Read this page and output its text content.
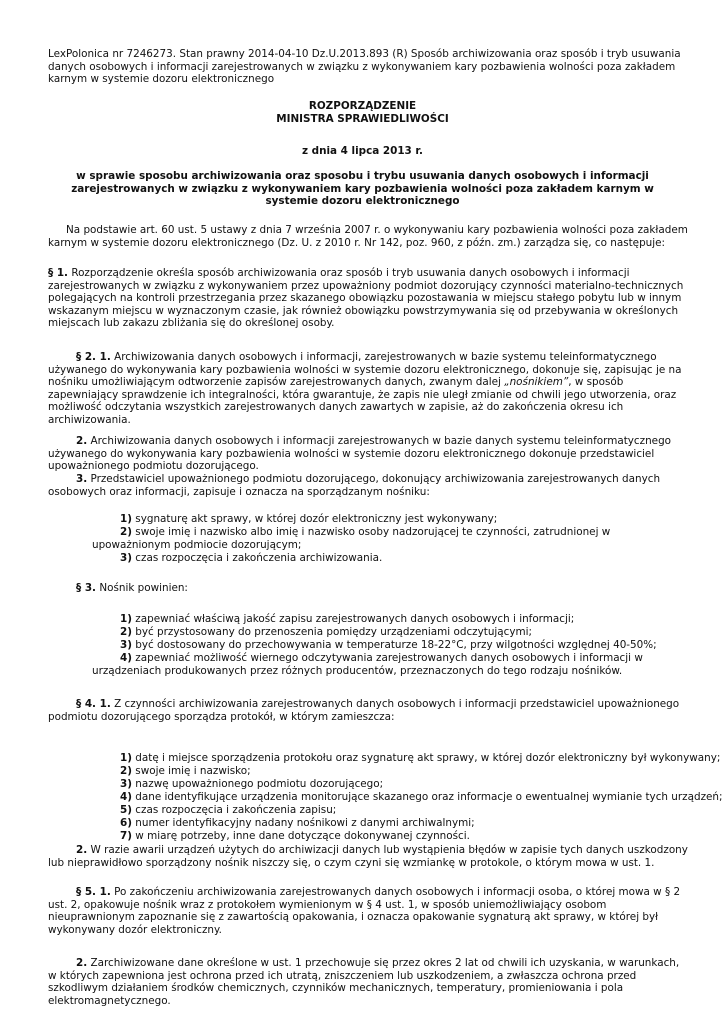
LexPolonica nr 7246273. Stan prawny 2014-04-10 Dz.U.2013.893 (R) Sposób archiwizowania oraz sposób i tryb usuwania danych osobowych i informacji zarejestrowanych w związku z wykonywaniem kary pozbawienia wolności poza zakładem karnym w systemie dozoru elektronicznego

ROZPORZĄDZENIE

MINISTRA SPRAWIEDLIWOŚCI

z dnia 4 lipca 2013 r.

w sprawie sposobu archiwizowania oraz sposobu i trybu usuwania danych osobowych i informacji zarejestrowanych w związku z wykonywaniem kary pozbawienia wolności poza zakładem karnym w systemie dozoru elektronicznego

Na podstawie art. 60 ust. 5 ustawy z dnia 7 września 2007 r. o wykonywaniu kary pozbawienia wolności poza zakładem karnym w systemie dozoru elektronicznego (Dz. U. z 2010 r. Nr 142, poz. 960, z późn. zm.) zarządza się, co następuje:

§ 1. Rozporządzenie określa sposób archiwizowania oraz sposób i tryb usuwania danych osobowych i informacji zarejestrowanych w związku z wykonywaniem przez upoważniony podmiot dozorujący czynności materialno-technicznych polegających na kontroli przestrzegania przez skazanego obowiązku pozostawania w miejscu stałego pobytu lub w innym wskazanym miejscu w wyznaczonym czasie, jak również obowiązku powstrzymywania się od przebywania w określonych miejscach lub zakazu zbliżania się do określonej osoby.

§ 2. 1. Archiwizowania danych osobowych i informacji, zarejestrowanych w bazie systemu teleinformatycznego używanego do wykonywania kary pozbawienia wolności w systemie dozoru elektronicznego, dokonuje się, zapisując je na nośniku umożliwiającym odtworzenie zapisów zarejestrowanych danych, zwanym dalej „nośnikiem”, w sposób zapewniający sprawdzenie ich integralności, która gwarantuje, że zapis nie uległ zmianie od chwili jego utworzenia, oraz możliwość odczytania wszystkich zarejestrowanych danych zawartych w zapisie, aż do zakończenia okresu ich archiwizowania.

2. Archiwizowania danych osobowych i informacji zarejestrowanych w bazie danych systemu teleinformatycznego używanego do wykonywania kary pozbawienia wolności w systemie dozoru elektronicznego dokonuje przedstawiciel upoważnionego podmiotu dozorującego.

3. Przedstawiciel upoważnionego podmiotu dozorującego, dokonujący archiwizowania zarejestrowanych danych osobowych oraz informacji, zapisuje i oznacza na sporządzanym nośniku:

1) sygnaturę akt sprawy, w której dozór elektroniczny jest wykonywany;

2) swoje imię i nazwisko albo imię i nazwisko osoby nadzorującej te czynności, zatrudnionej w upoważnionym podmiocie dozorującym;

3) czas rozpoczęcia i zakończenia archiwizowania.

§ 3. Nośnik powinien:

1) zapewniać właściwą jakość zapisu zarejestrowanych danych osobowych i informacji;

2) być przystosowany do przenoszenia pomiędzy urządzeniami odczytującymi;

3) być dostosowany do przechowywania w temperaturze 18-22°C, przy wilgotności względnej 40-50%;

4) zapewniać możliwość wiernego odczytywania zarejestrowanych danych osobowych i informacji w urządzeniach produkowanych przez różnych producentów, przeznaczonych do tego rodzaju nośników.

§ 4. 1. Z czynności archiwizowania zarejestrowanych danych osobowych i informacji przedstawiciel upoważnionego podmiotu dozorującego sporządza protokół, w którym zamieszcza:

1) datę i miejsce sporządzenia protokołu oraz sygnaturę akt sprawy, w której dozór elektroniczny był wykonywany;

2) swoje imię i nazwisko;

3) nazwę upoważnionego podmiotu dozorującego;

4) dane identyfikujące urządzenia monitorujące skazanego oraz informacje o ewentualnej wymianie tych urządzeń;

5) czas rozpoczęcia i zakończenia zapisu;

6) numer identyfikacyjny nadany nośnikowi z danymi archiwalnymi;

7) w miarę potrzeby, inne dane dotyczące dokonywanej czynności.

2. W razie awarii urządzeń użytych do archiwizacji danych lub wystąpienia błędów w zapisie tych danych uszkodzony lub nieprawidłowo sporządzony nośnik niszczy się, o czym czyni się wzmiankę w protokole, o którym mowa w ust. 1.

§ 5. 1. Po zakończeniu archiwizowania zarejestrowanych danych osobowych i informacji osoba, o której mowa w § 2 ust. 2, opakowuje nośnik wraz z protokołem wymienionym w § 4 ust. 1, w sposób uniemożliwiający osobom nieuprawnionym zapoznanie się z zawartością opakowania, i oznacza opakowanie sygnaturą akt sprawy, w której był wykonywany dozór elektroniczny.

2. Zarchiwizowane dane określone w ust. 1 przechowuje się przez okres 2 lat od chwili ich uzyskania, w warunkach, w których zapewniona jest ochrona przed ich utratą, zniszczeniem lub uszkodzeniem, a zwłaszcza ochrona przed szkodliwym działaniem środków chemicznych, czynników mechanicznych, temperatury, promieniowania i pola elektromagnetycznego.
